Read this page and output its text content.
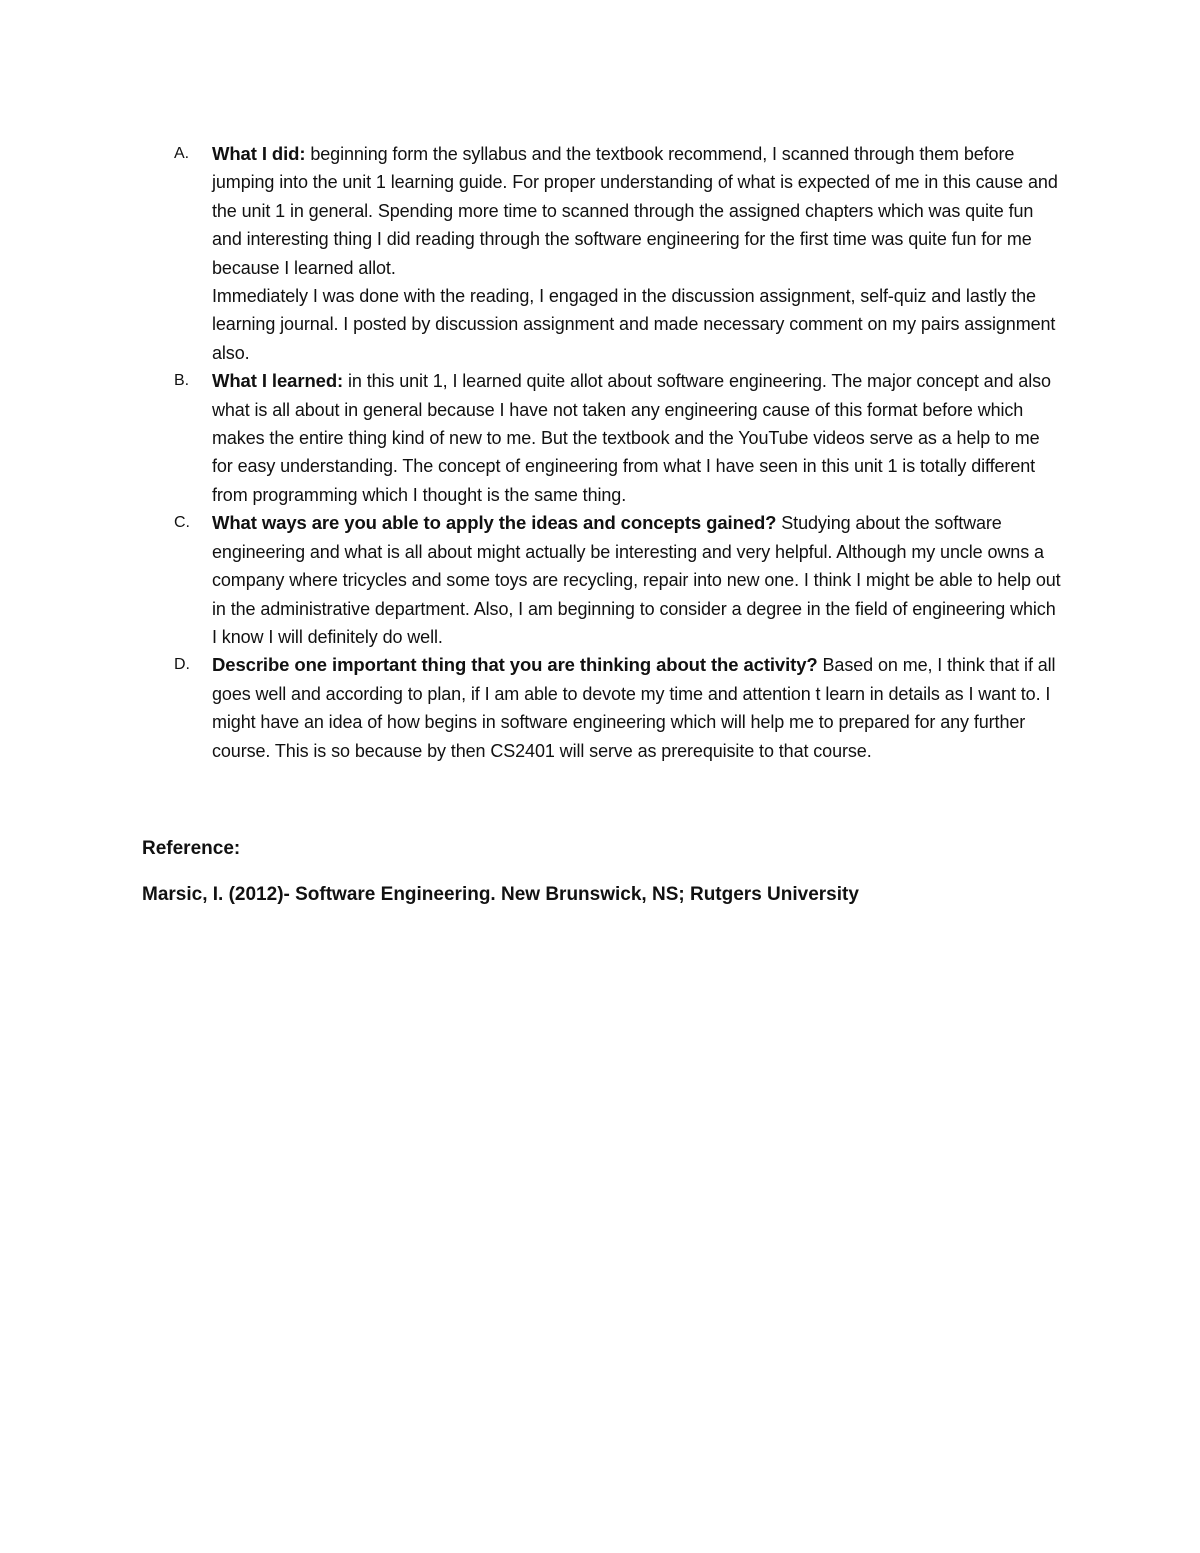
A. What I did: beginning form the syllabus and the textbook recommend, I scanned through them before jumping into the unit 1 learning guide. For proper understanding of what is expected of me in this cause and the unit 1 in general. Spending more time to scanned through the assigned chapters which was quite fun and interesting thing I did reading through the software engineering for the first time was quite fun for me because I learned allot.
Immediately I was done with the reading, I engaged in the discussion assignment, self-quiz and lastly the learning journal. I posted by discussion assignment and made necessary comment on my pairs assignment also.
B. What I learned: in this unit 1, I learned quite allot about software engineering. The major concept and also what is all about in general because I have not taken any engineering cause of this format before which makes the entire thing kind of new to me. But the textbook and the YouTube videos serve as a help to me for easy understanding. The concept of engineering from what I have seen in this unit 1 is totally different from programming which I thought is the same thing.
C. What ways are you able to apply the ideas and concepts gained? Studying about the software engineering and what is all about might actually be interesting and very helpful. Although my uncle owns a company where tricycles and some toys are recycling, repair into new one. I think I might be able to help out in the administrative department. Also, I am beginning to consider a degree in the field of engineering which I know I will definitely do well.
D. Describe one important thing that you are thinking about the activity? Based on me, I think that if all goes well and according to plan, if I am able to devote my time and attention t learn in details as I want to. I might have an idea of how begins in software engineering which will help me to prepared for any further course. This is so because by then CS2401 will serve as prerequisite to that course.
Reference:
Marsic, I. (2012)- Software Engineering. New Brunswick, NS; Rutgers University
